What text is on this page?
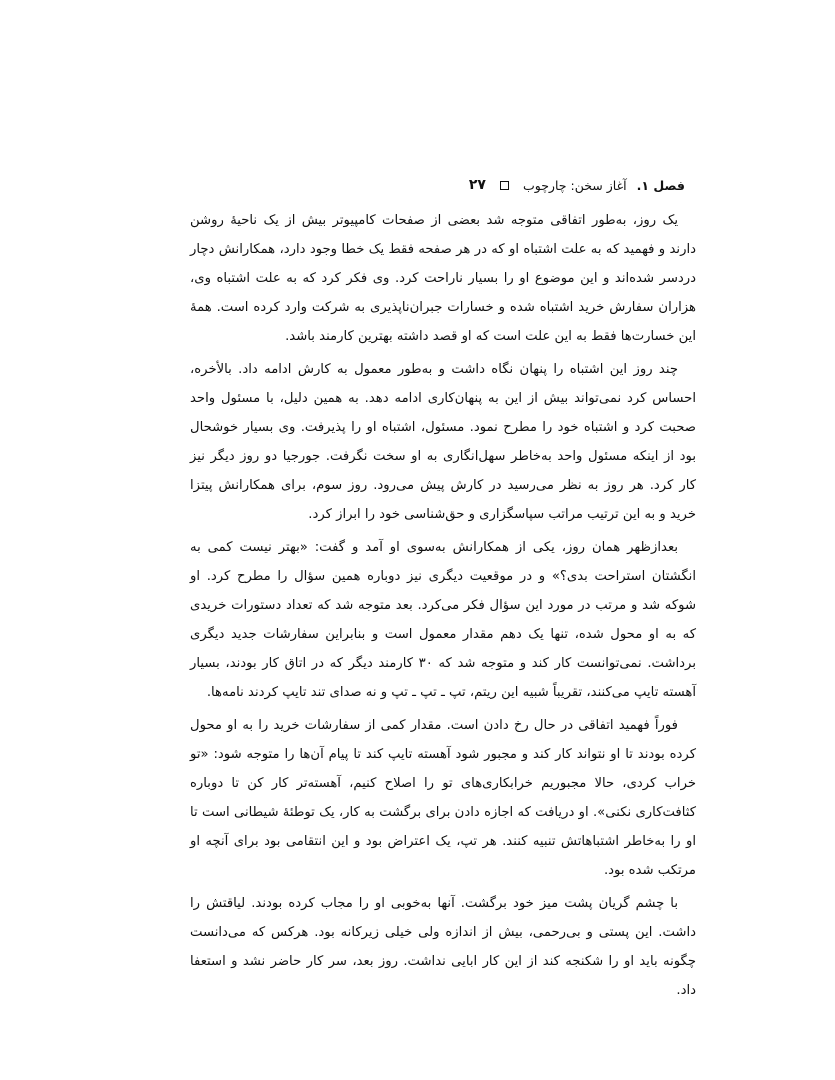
فصل ۱.
آغاز سخن: چارچوب
۲۷

یک روز، به‌طور اتفاقی متوجه شد بعضی از صفحات کامپیوتر بیش از یک ناحیهٔ روشن دارند و فهمید که به علت اشتباه او که در هر صفحه فقط یک خطا وجود دارد، همکارانش دچار دردسر شده‌اند و این موضوع او را بسیار ناراحت کرد. وی فکر کرد که به علت اشتباه وی، هزاران سفارش خرید اشتباه شده و خسارات جبران‌ناپذیری به شرکت وارد کرده است. همهٔ این خسارت‌ها فقط به این علت است که او قصد داشته بهترین کارمند باشد.

چند روز این اشتباه را پنهان نگاه داشت و به‌طور معمول به کارش ادامه داد. بالأخره، احساس کرد نمی‌تواند بیش از این به پنهان‌کاری ادامه دهد. به همین دلیل، با مسئول واحد صحبت کرد و اشتباه خود را مطرح نمود. مسئول، اشتباه او را پذیرفت. وی بسیار خوشحال بود از اینکه مسئول واحد به‌خاطر سهل‌انگاری به او سخت نگرفت. جورجیا دو روز دیگر نیز کار کرد. هر روز به نظر می‌رسید در کارش پیش می‌رود. روز سوم، برای همکارانش پیتزا خرید و به این ترتیب مراتب سپاسگزاری و حق‌شناسی خود را ابراز کرد.

بعدازظهر همان روز، یکی از همکارانش به‌سوی او آمد و گفت: «بهتر نیست کمی به انگشتان استراحت بدی؟» و در موقعیت دیگری نیز دوباره همین سؤال را مطرح کرد. او شوکه شد و مرتب در مورد این سؤال فکر می‌کرد. بعد متوجه شد که تعداد دستورات خریدی که به او محول شده، تنها یک دهم مقدار معمول است و بنابراین سفارشات جدید دیگری برداشت. نمی‌توانست کار کند و متوجه شد که ۳۰ کارمند دیگر که در اتاق کار بودند، بسیار آهسته تایپ می‌کنند، تقریباً شبیه این ریتم، تپ ـ تپ ـ تپ و نه صدای تند تایپ کردند نامه‌ها.

فوراً فهمید اتفاقی در حال رخ دادن است. مقدار کمی از سفارشات خرید را به او محول کرده بودند تا او نتواند کار کند و مجبور شود آهسته تایپ کند تا پیام آن‌ها را متوجه شود: «تو خراب کردی، حالا مجبوریم خرابکاری‌های تو را اصلاح کنیم، آهسته‌تر کار کن تا دوباره کثافت‌کاری نکنی». او دریافت که اجازه دادن برای برگشت به کار، یک توطئهٔ شیطانی است تا او را به‌خاطر اشتباهاتش تنبیه کنند. هر تپ، یک اعتراض بود و این انتقامی بود برای آنچه او مرتکب شده بود.

با چشم گریان پشت میز خود برگشت. آنها به‌خوبی او را مجاب کرده بودند. لیاقتش را داشت. این پستی و بی‌رحمی، بیش از اندازه ولی خیلی زیرکانه بود. هرکس که می‌دانست چگونه باید او را شکنجه کند از این کار ابایی نداشت. روز بعد، سر کار حاضر نشد و استعفا داد.
